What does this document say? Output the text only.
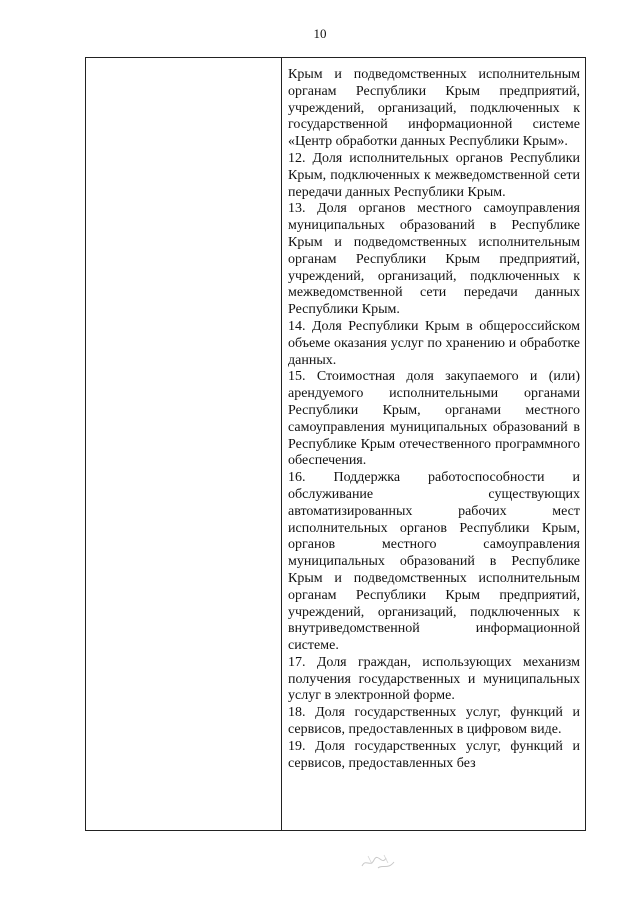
10

Крым и подведомственных исполнительным органам Республики Крым предприятий, учреждений, организаций, подключенных к государственной информационной системе «Центр обработки данных Республики Крым».

12. Доля исполнительных органов Республики Крым, подключенных к межведомственной сети передачи данных Республики Крым.

13. Доля органов местного самоуправления муниципальных образований в Республике Крым и подведомственных исполнительным органам Республики Крым предприятий, учреждений, организаций, подключенных к межведомственной сети передачи данных Республики Крым.

14. Доля Республики Крым в общероссийском объеме оказания услуг по хранению и обработке данных.

15. Стоимостная доля закупаемого и (или) арендуемого исполнительными органами Республики Крым, органами местного самоуправления муниципальных образований в Республике Крым отечественного программного обеспечения.

16. Поддержка работоспособности и обслуживание существующих автоматизированных рабочих мест исполнительных органов Республики Крым, органов местного самоуправления муниципальных образований в Республике Крым и подведомственных исполнительным органам Республики Крым предприятий, учреждений, организаций, подключенных к внутриведомственной информационной системе.

17. Доля граждан, использующих механизм получения государственных и муниципальных услуг в электронной форме.

18. Доля государственных услуг, функций и сервисов, предоставленных в цифровом виде.

19. Доля государственных услуг, функций и сервисов, предоставленных без
